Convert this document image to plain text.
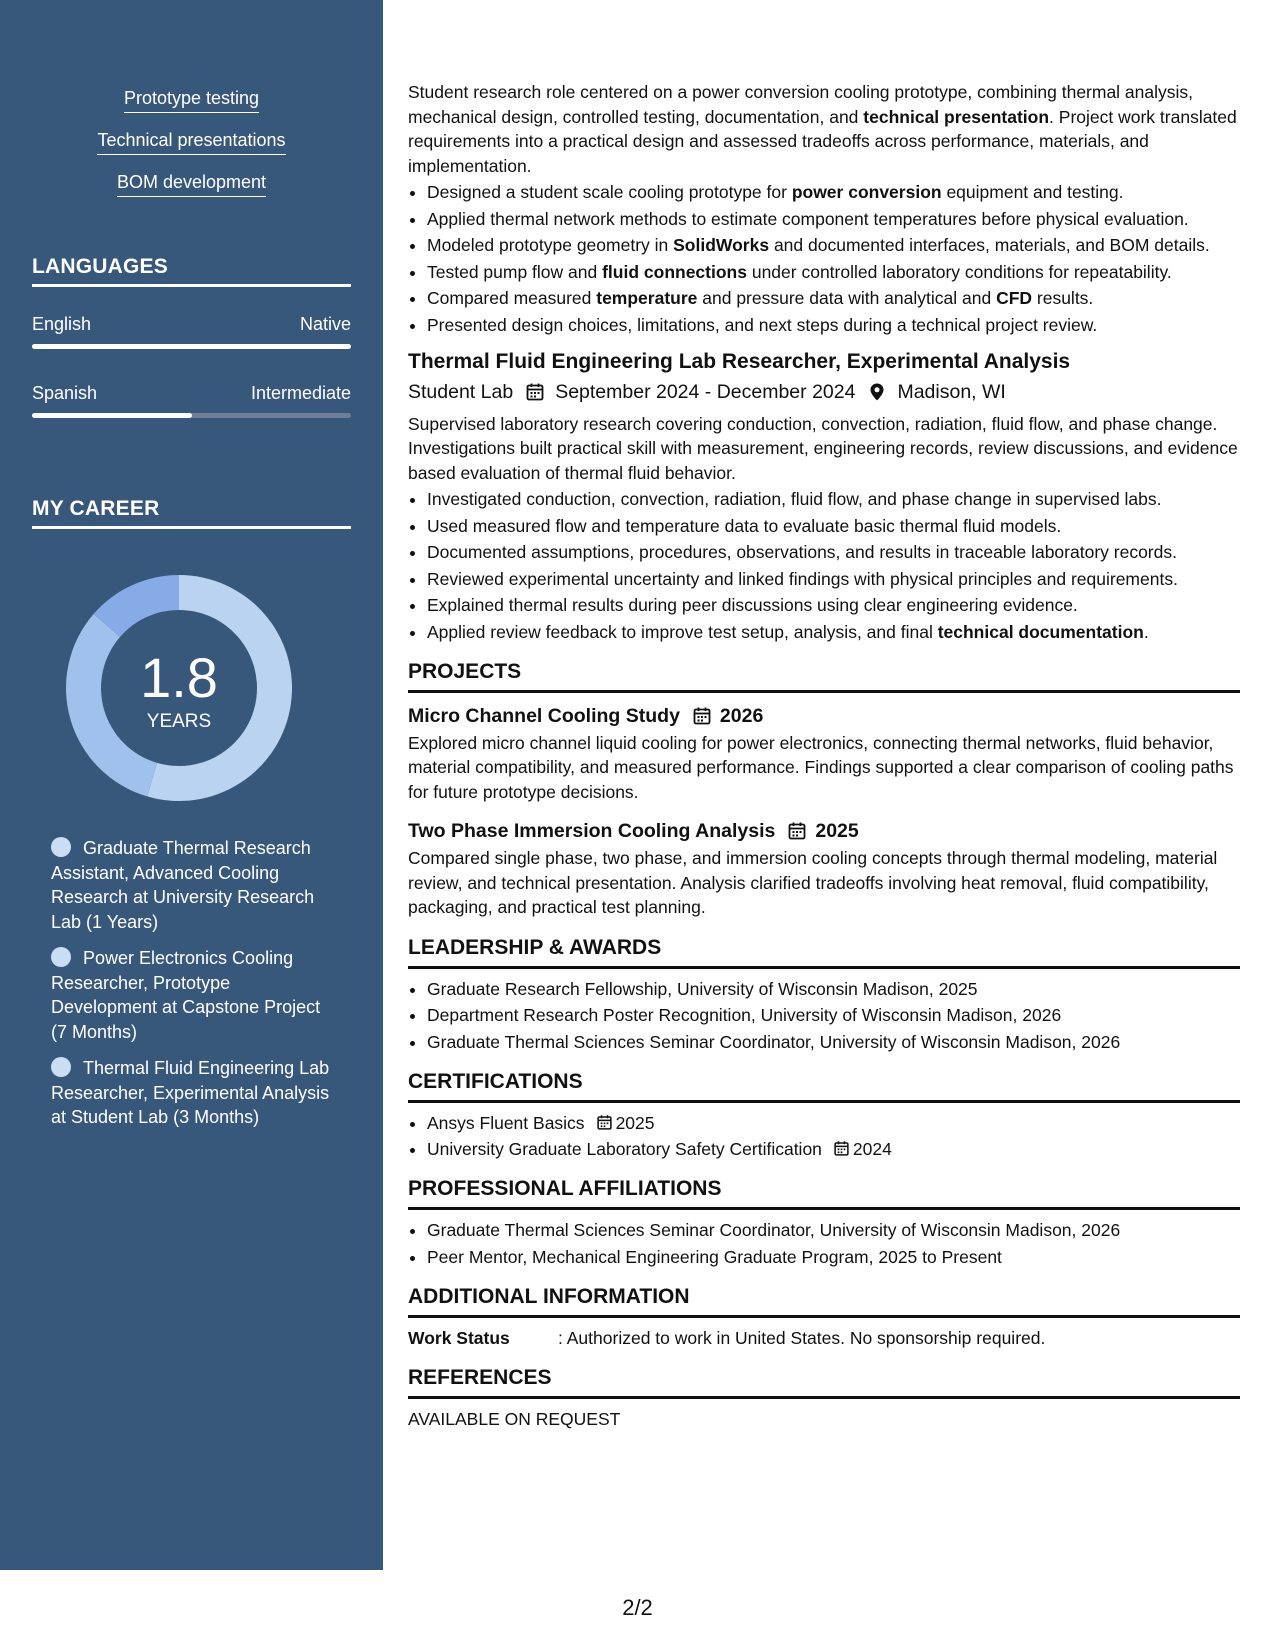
Prototype testing
Technical presentations
BOM development
LANGUAGES
English	Native
Spanish	Intermediate
MY CAREER
1.8
YEARS
Graduate Thermal Research Assistant, Advanced Cooling Research at University Research Lab (1 Years)
Power Electronics Cooling Researcher, Prototype Development at Capstone Project (7 Months)
Thermal Fluid Engineering Lab Researcher, Experimental Analysis at Student Lab (3 Months)

Student research role centered on a power conversion cooling prototype, combining thermal analysis, mechanical design, controlled testing, documentation, and technical presentation. Project work translated requirements into a practical design and assessed tradeoffs across performance, materials, and implementation.

• Designed a student scale cooling prototype for power conversion equipment and testing.
• Applied thermal network methods to estimate component temperatures before physical evaluation.
• Modeled prototype geometry in SolidWorks and documented interfaces, materials, and BOM details.
• Tested pump flow and fluid connections under controlled laboratory conditions for repeatability.
• Compared measured temperature and pressure data with analytical and CFD results.
• Presented design choices, limitations, and next steps during a technical project review.
Thermal Fluid Engineering Lab Researcher, Experimental Analysis
Student Lab September 2024 - December 2024 Madison, WI

Supervised laboratory research covering conduction, convection, radiation, fluid flow, and phase change. Investigations built practical skill with measurement, engineering records, review discussions, and evidence based evaluation of thermal fluid behavior.

• Investigated conduction, convection, radiation, fluid flow, and phase change in supervised labs.
• Used measured flow and temperature data to evaluate basic thermal fluid models.
• Documented assumptions, procedures, observations, and results in traceable laboratory records.
• Reviewed experimental uncertainty and linked findings with physical principles and requirements.
• Explained thermal results during peer discussions using clear engineering evidence.
• Applied review feedback to improve test setup, analysis, and final technical documentation.
PROJECTS
Micro Channel Cooling Study 2026

Explored micro channel liquid cooling for power electronics, connecting thermal networks, fluid behavior, material compatibility, and measured performance. Findings supported a clear comparison of cooling paths for future prototype decisions.

Two Phase Immersion Cooling Analysis 2025

Compared single phase, two phase, and immersion cooling concepts through thermal modeling, material review, and technical presentation. Analysis clarified tradeoffs involving heat removal, fluid compatibility, packaging, and practical test planning.

LEADERSHIP & AWARDS
• Graduate Research Fellowship, University of Wisconsin Madison, 2025
• Department Research Poster Recognition, University of Wisconsin Madison, 2026
• Graduate Thermal Sciences Seminar Coordinator, University of Wisconsin Madison, 2026
CERTIFICATIONS
• Ansys Fluent Basics 2025
• University Graduate Laboratory Safety Certification 2024
PROFESSIONAL AFFILIATIONS
• Graduate Thermal Sciences Seminar Coordinator, University of Wisconsin Madison, 2026
• Peer Mentor, Mechanical Engineering Graduate Program, 2025 to Present
ADDITIONAL INFORMATION
Work Status	: Authorized to work in United States. No sponsorship required.
REFERENCES

AVAILABLE ON REQUEST

2/2
